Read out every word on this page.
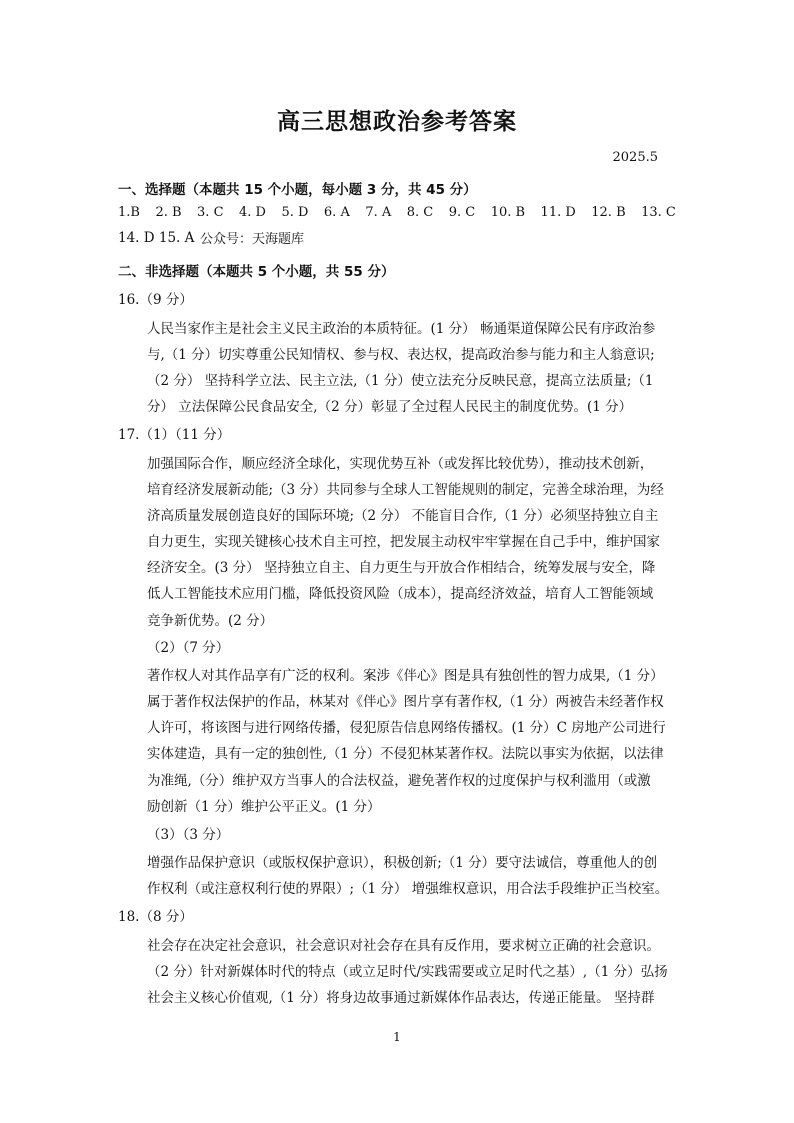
高三思想政治参考答案
2025.5
一、选择题（本题共 15 个小题，每小题 3 分，共 45 分）
1.B 2. B 3. C 4. D 5. D 6. A 7. A 8. C 9. C 10. B 11. D 12. B 13. C
14. D 15. A 公众号：天海题库
二、非选择题（本题共 5 个小题，共 55 分）
16.（9 分）
人民当家作主是社会主义民主政治的本质特征。(1 分） 畅通渠道保障公民有序政治参
与,（1 分）切实尊重公民知情权、参与权、表达权，提高政治参与能力和主人翁意识;
（2 分） 坚持科学立法、民主立法,（1 分）使立法充分反映民意，提高立法质量;（1
分） 立法保障公民食品安全,（2 分）彰显了全过程人民民主的制度优势。(1 分）
17.（1）（11 分）
加强国际合作，顺应经济全球化，实现优势互补（或发挥比较优势），推动技术创新，
培育经济发展新动能;（3 分）共同参与全球人工智能规则的制定，完善全球治理，为经
济高质量发展创造良好的国际环境;（2 分） 不能盲目合作,（1 分）必须坚持独立自主
自力更生，实现关键核心技术自主可控，把发展主动权牢牢掌握在自己手中，维护国家
经济安全。(3 分） 坚持独立自主、自力更生与开放合作相结合，统筹发展与安全，降
低人工智能技术应用门槛，降低投资风险（成本），提高经济效益，培育人工智能领域
竞争新优势。(2 分）
（2）（7 分）
著作权人对其作品享有广泛的权利。案涉《伴心》图是具有独创性的智力成果,（1 分）
属于著作权法保护的作品，林某对《伴心》图片享有著作权,（1 分）两被告未经著作权
人许可，将该图与进行网络传播，侵犯原告信息网络传播权。(1 分）C 房地产公司进行
实体建造，具有一定的独创性,（1 分）不侵犯林某著作权。法院以事实为依据，以法律
为准绳,（分）维护双方当事人的合法权益，避免著作权的过度保护与权利滥用（或激
励创新（1 分）维护公平正义。(1 分）
（3）（3 分）
增强作品保护意识（或版权保护意识），积极创新;（1 分）要守法诚信，尊重他人的创
作权利（或注意权利行使的界限）;（1 分） 增强维权意识，用合法手段维护正当校室。
18.（8 分）
社会存在决定社会意识，社会意识对社会存在具有反作用，要求树立正确的社会意识。
（2 分）针对新媒体时代的特点（或立足时代/实践需要或立足时代之基）,（1 分）弘扬
社会主义核心价值观,（1 分）将身边故事通过新媒体作品表达，传递正能量。 坚持群
1
